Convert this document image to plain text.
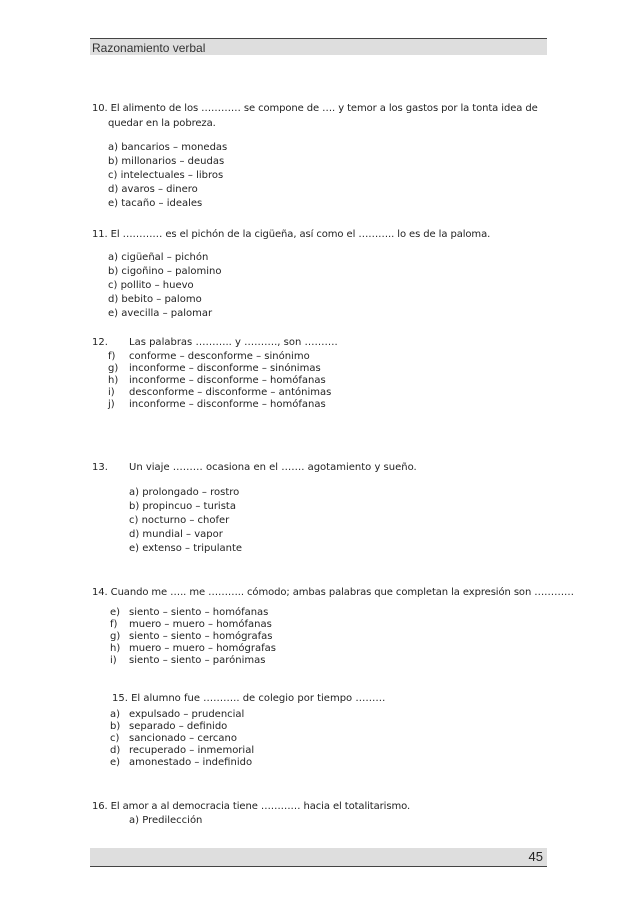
Razonamiento verbal
10. El alimento de los ………… se compone de …. y temor a los gastos por la tonta idea de
quedar en la pobreza.
a) bancarios – monedas
b) millonarios – deudas
c) intelectuales – libros
d) avaros – dinero
e) tacaño – ideales
11. El ………… es el pichón de la cigüeña, así como el ……….. lo es de la paloma.
a) cigüeñal – pichón
b) cigoñino – palomino
c) pollito – huevo
d) bebito – palomo
e) avecilla – palomar
12. Las palabras ……….. y ………., son ……….
f) conforme – desconforme – sinónimo
g) inconforme – disconforme – sinónimas
h) inconforme – disconforme – homófanas
i) desconforme – disconforme – antónimas
j) inconforme – disconforme – homófanas
13. Un viaje ……… ocasiona en el ……. agotamiento y sueño.
a) prolongado – rostro
b) propincuo – turista
c) nocturno – chofer
d) mundial – vapor
e) extenso – tripulante
14. Cuando me ….. me ……….. cómodo; ambas palabras que completan la expresión son …………
e) siento – siento – homófanas
f) muero – muero – homófanas
g) siento – siento – homógrafas
h) muero – muero – homógrafas
i) siento – siento – parónimas
15. El alumno fue ……….. de colegio por tiempo ………
a) expulsado – prudencial
b) separado – definido
c) sancionado – cercano
d) recuperado – inmemorial
e) amonestado – indefinido
16. El amor a al democracia tiene ………… hacia el totalitarismo.
a) Predilección
45
